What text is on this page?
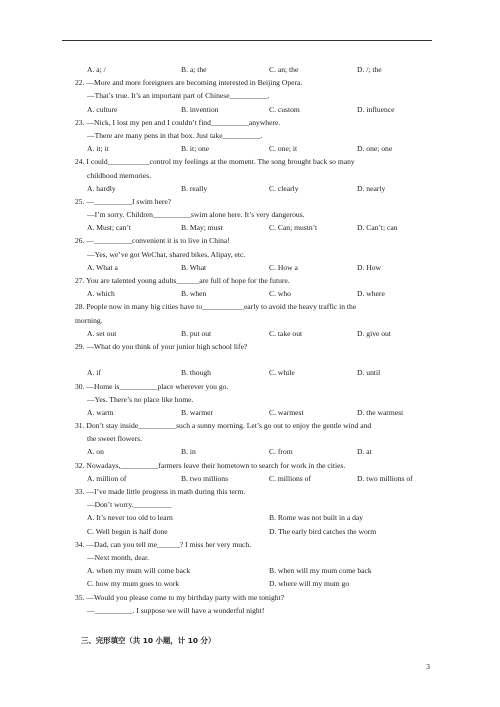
A. a; /	B. a; the	C. an; the	D. /; the
22. —More and more foreigners are becoming interested in Beijing Opera.
—That’s true. It’s an important part of Chinese__________.
A. culture	B. invention	C. custom	D. influence
23. —Nick, I lost my pen and I couldn’t find__________anywhere.
—There are many pens in that box. Just take__________.
A. it; it	B. it; one	C. one; it	D. one; one
24. I could___________control my feelings at the moment. The song brought back so many
childhood memories.
A. hardly	B. really	C. clearly	D. nearly
25. —__________I swim here?
—I’m sorry. Children__________swim alone here. It’s very dangerous.
A. Must; can’t	B. May; must	C. Can; mustn’t	D. Can’t; can
26. —__________convenient it is to live in China!
—Yes, we’ve got WeChat, shared bikes, Alipay, etc.
A. What a	B. What	C. How a	D. How
27. You are talented young adults______are full of hope for the future.
A. which	B. when	C. who	D. where
28. People now in many big cities have to___________early to avoid the heavy traffic in the
morning.
A. set out	B. put out	C. take out	D. give out
29. —What do you think of your junior high school life?
A. if	B. though	C. while	D. until
30. —Home is__________place wherever you go.
—Yes. There’s no place like home.
A. warm	B. warmer	C. warmest	D. the warmest
31. Don’t stay inside__________such a sunny morning. Let’s go out to enjoy the gentle wind and
the sweet flowers.
A. on	B. in	C. from	D. at
32. Nowadays,__________farmers leave their hometown to search for work in the cities.
A. million of	B. two millions	C. millions of	D. two millions of
33. —I’ve made little progress in math during this term.
—Don’t worry.__________
A. It’s never too old to learn	B. Rome was not built in a day
C. Well begun is half done	D. The early bird catches the worm
34. —Dad, can you tell me______? I miss her very much.
—Next month, dear.
A. when my mum will come back	B. when will my mum come back
C. how my mum goes to work	D. where will my mum go
35. —Would you please come to my birthday party with me tonight?
—__________. I suppose we will have a wonderful night!
三、完形填空（共 10 小题，计 10 分）
3
